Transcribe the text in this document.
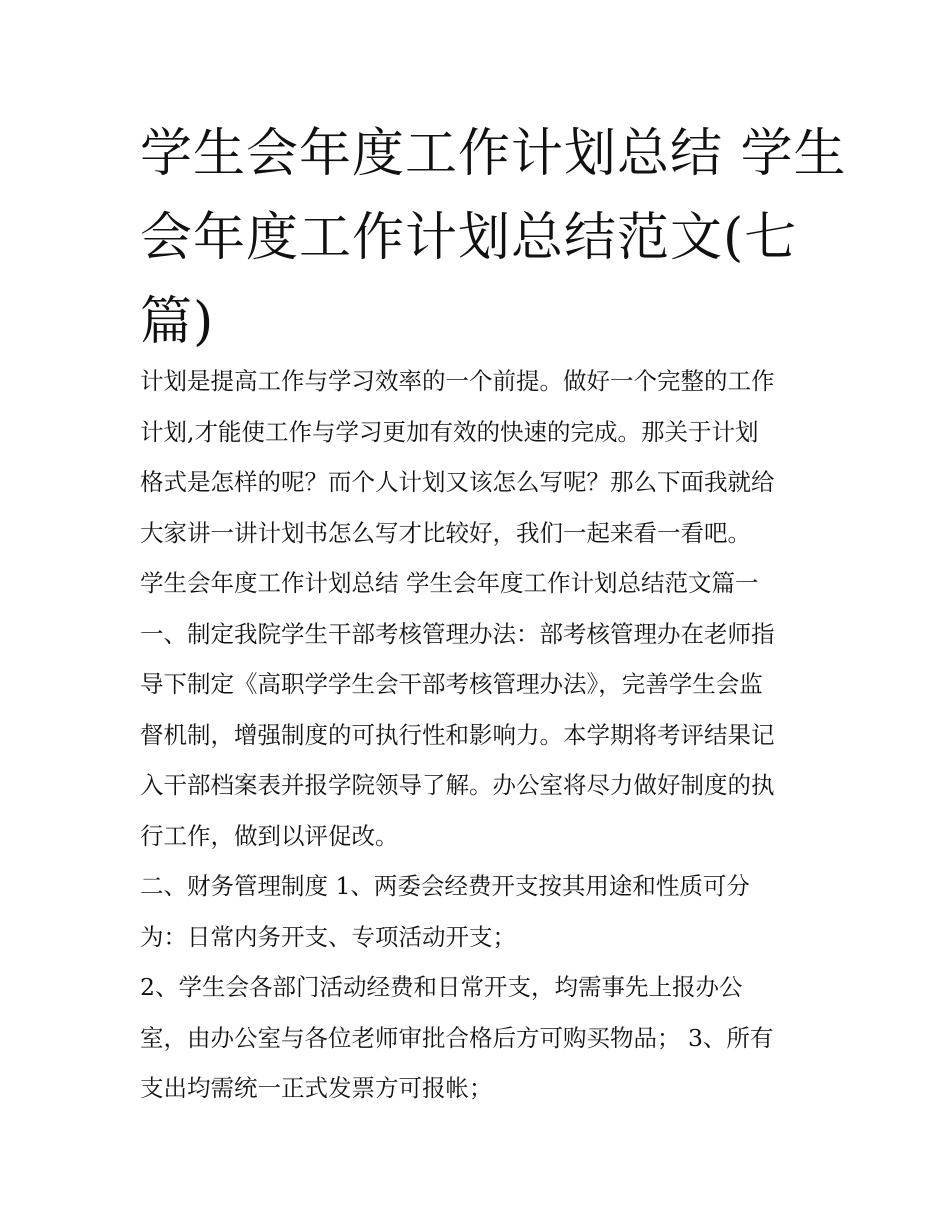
学生会年度工作计划总结 学生
会年度工作计划总结范文(七
篇)

计划是提高工作与学习效率的一个前提。做好一个完整的工作

计划,才能使工作与学习更加有效的快速的完成。那关于计划

格式是怎样的呢？而个人计划又该怎么写呢？那么下面我就给

大家讲一讲计划书怎么写才比较好，我们一起来看一看吧。

学生会年度工作计划总结 学生会年度工作计划总结范文篇一

一、制定我院学生干部考核管理办法：部考核管理办在老师指

导下制定《高职学学生会干部考核管理办法》，完善学生会监

督机制，增强制度的可执行性和影响力。本学期将考评结果记

入干部档案表并报学院领导了解。办公室将尽力做好制度的执

行工作，做到以评促改。

二、财务管理制度 1、两委会经费开支按其用途和性质可分

为：日常内务开支、专项活动开支；

2、学生会各部门活动经费和日常开支，均需事先上报办公

室，由办公室与各位老师审批合格后方可购买物品； 3、所有

支出均需统一正式发票方可报帐；
